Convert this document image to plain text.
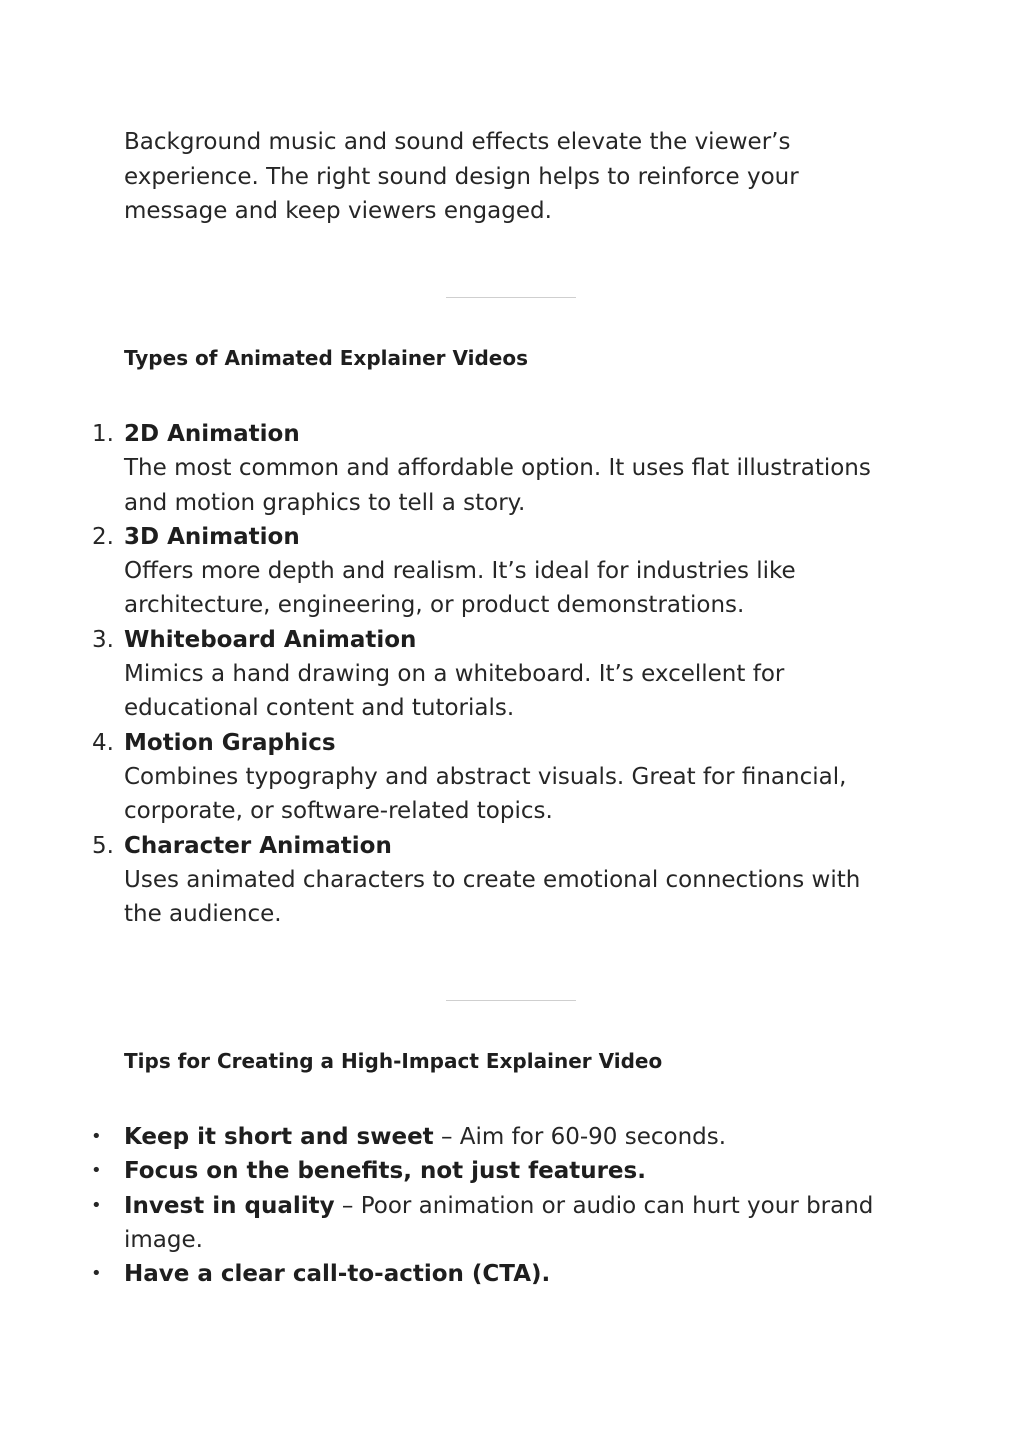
Background music and sound effects elevate the viewer’s experience. The right sound design helps to reinforce your message and keep viewers engaged.

Types of Animated Explainer Videos
1. 2D Animation
The most common and affordable option. It uses flat illustrations and motion graphics to tell a story.
2. 3D Animation
Offers more depth and realism. It’s ideal for industries like architecture, engineering, or product demonstrations.
3. Whiteboard Animation
Mimics a hand drawing on a whiteboard. It’s excellent for educational content and tutorials.
4. Motion Graphics
Combines typography and abstract visuals. Great for financial, corporate, or software-related topics.
5. Character Animation
Uses animated characters to create emotional connections with the audience.
Tips for Creating a High-Impact Explainer Video
• Keep it short and sweet – Aim for 60-90 seconds.
• Focus on the benefits, not just features.
• Invest in quality – Poor animation or audio can hurt your brand image.
• Have a clear call-to-action (CTA).
